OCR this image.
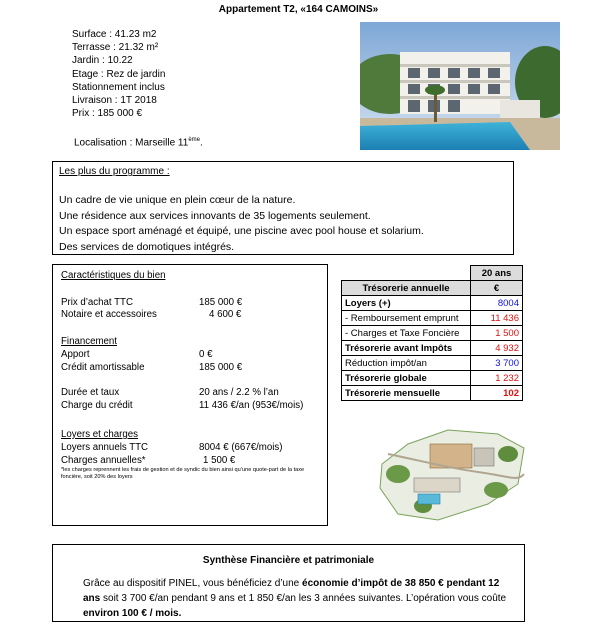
Appartement T2, «164 CAMOINS»
Surface : 41.23 m2
Terrasse : 21.32 m²
Jardin : 10.22
Etage : Rez de jardin
Stationnement inclus
Livraison : 1T 2018
Prix : 185 000 €
Localisation : Marseille 11ème.
Les plus du programme :
Un cadre de vie unique en plein cœur de la nature.
Une résidence aux services innovants de 35 logements seulement.
Un espace sport aménagé et équipé, une piscine avec pool house et solarium.
Des services de domotiques intégrés.
Caractéristiques du bien
Prix d’achat TTC	185 000 €
Notaire et accessoires	4 600 €
Financement
Apport	0 €
Crédit amortissable	185 000 €
Durée et taux	20 ans / 2.2 % l’an
Charge du crédit	11 436 €/an (953€/mois)
Loyers et charges
Loyers annuels TTC	8004 € (667€/mois)
Charges annuelles*	1 500 €
*les charges reprennent les frais de gestion et de syndic du bien ainsi qu’une quote-part de la taxe foncière, soit 20% des loyers
	20 ans
Trésorerie annuelle	€
Loyers (+)	8004
- Remboursement emprunt	11 436
- Charges et Taxe Foncière	1 500
Trésorerie avant Impôts	4 932
Réduction impôt/an	3 700
Trésorerie globale	1 232
Trésorerie mensuelle	102
Synthèse Financière et patrimoniale
Grâce au dispositif PINEL, vous bénéficiez d’une économie d’impôt de 38 850 € pendant 12 ans soit 3 700 €/an pendant 9 ans et 1 850 €/an les 3 années suivantes. L’opération vous coûte environ 100 € / mois.
